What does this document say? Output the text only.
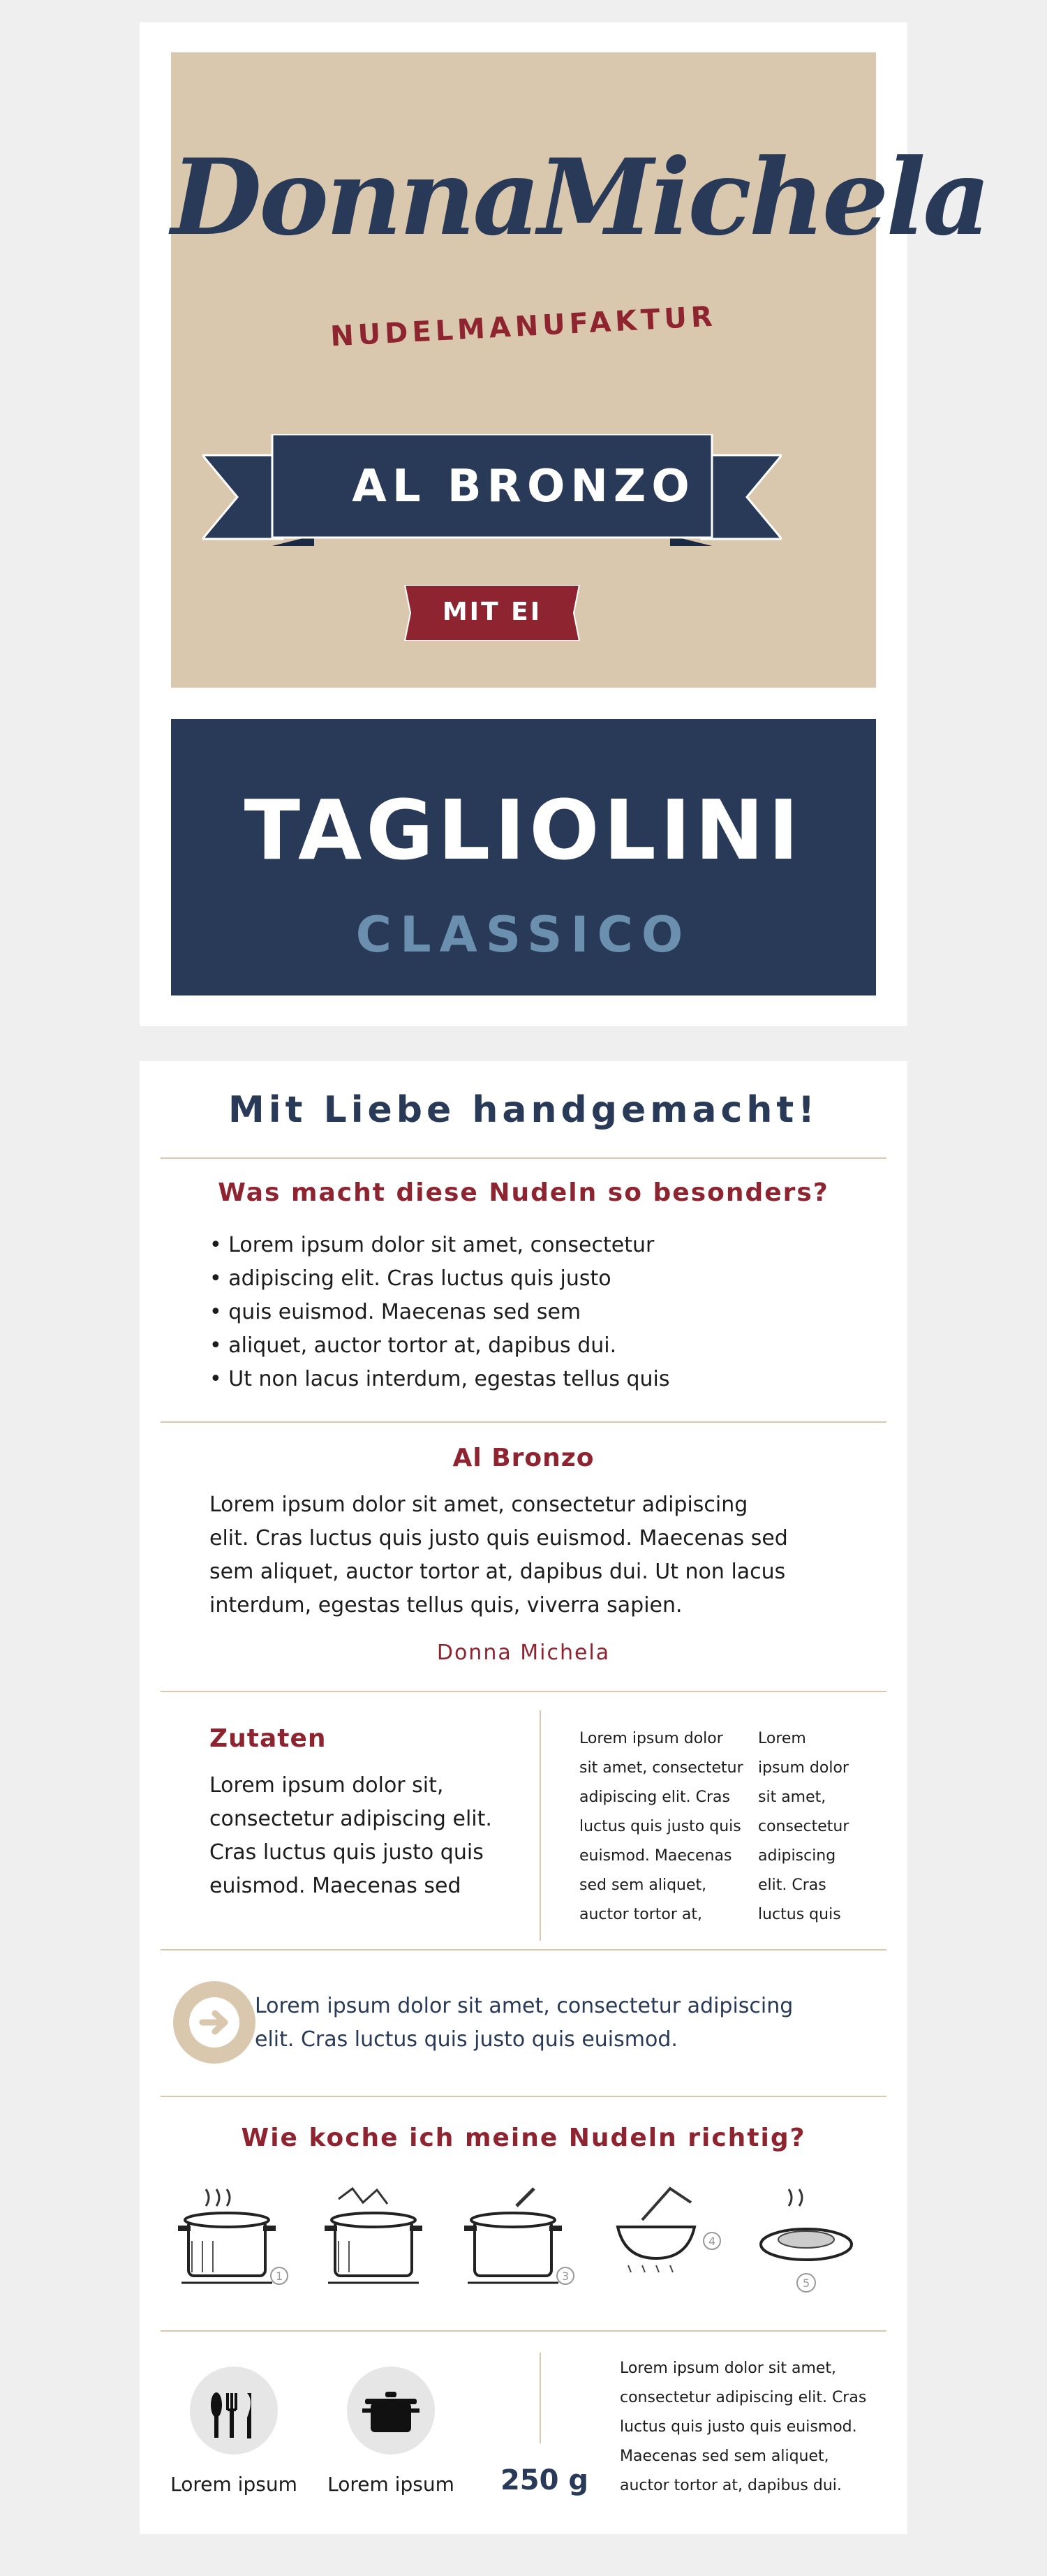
DonnaMichela
NUDELMANUFAKTUR
AL BRONZO
MIT EI
TAGLIOLINI
CLASSICO
Mit Liebe handgemacht!
Was macht diese Nudeln so besonders?
• Lorem ipsum dolor sit amet, consectetur
• adipiscing elit. Cras luctus quis justo
• quis euismod. Maecenas sed sem
• aliquet, auctor tortor at, dapibus dui.
• Ut non lacus interdum, egestas tellus quis
Al Bronzo
Lorem ipsum dolor sit amet, consectetur adipiscing
elit. Cras luctus quis justo quis euismod. Maecenas sed
sem aliquet, auctor tortor at, dapibus dui. Ut non lacus
interdum, egestas tellus quis, viverra sapien.
Donna Michela
Zutaten
Lorem ipsum dolor sit,
consectetur adipiscing elit.
Cras luctus quis justo quis
euismod. Maecenas sed
Lorem ipsum dolor
sit amet, consectetur
adipiscing elit. Cras
luctus quis justo quis
euismod. Maecenas
sed sem aliquet,
auctor tortor at,
Lorem
ipsum dolor
sit amet,
consectetur
adipiscing
elit. Cras
luctus quis
Lorem ipsum dolor sit amet, consectetur adipiscing
elit. Cras luctus quis justo quis euismod.
Wie koche ich meine Nudeln richtig?
1	3
4
5
Lorem ipsum	Lorem ipsum	250 g
Lorem ipsum dolor sit amet,
consectetur adipiscing elit. Cras
luctus quis justo quis euismod.
Maecenas sed sem aliquet,
auctor tortor at, dapibus dui.
